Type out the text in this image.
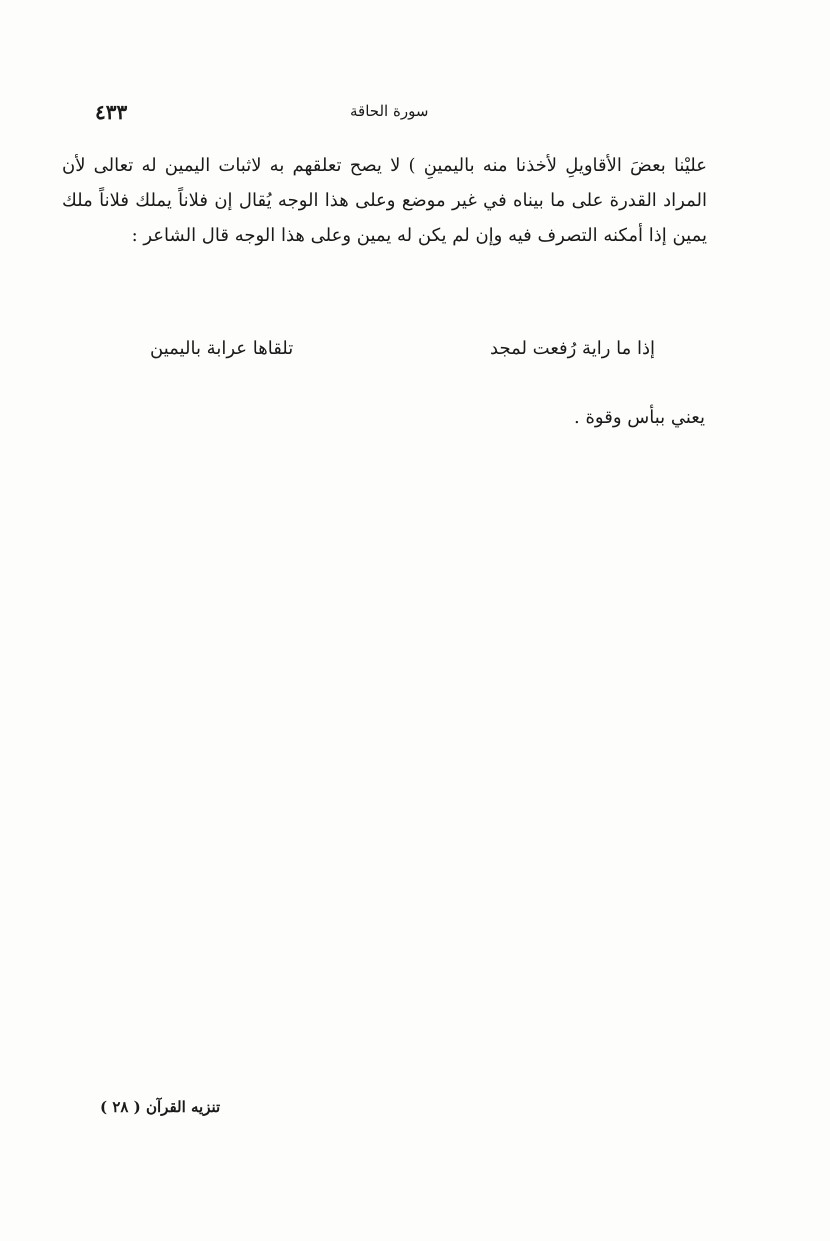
٤٣٣	سورة الحاقة

عليْنا بعضَ الأقاويلِ لأخذنا منه باليمينِ ) لا يصح تعلقهم به لاثبات اليمين له تعالى لأن المراد القدرة على ما بيناه في غير موضع وعلى هذا الوجه يُقال إن فلاناً يملك فلاناً ملك يمين إذا أمكنه التصرف فيه وإن لم يكن له يمين وعلى هذا الوجه قال الشاعر :

إذا ما راية رُفعت لمجد
تلقاها عرابة باليمين
يعني ببأس وقوة .
تنزيه القرآن ( ٢٨ )
